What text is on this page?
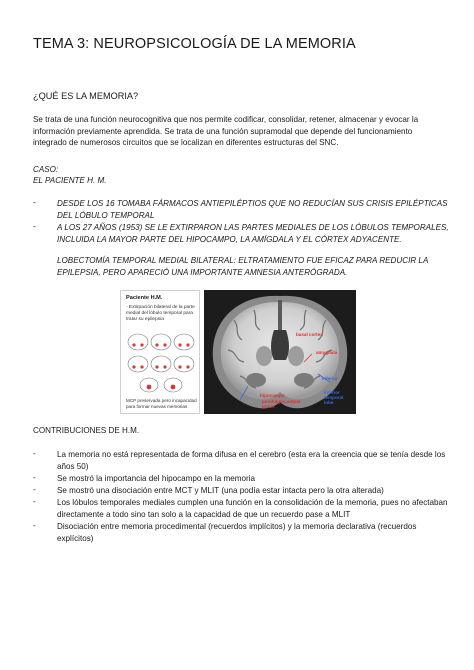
TEMA 3: NEUROPSICOLOGÍA DE LA MEMORIA
¿QUÉ ES LA MEMORIA?
Se trata de una función neurocognitiva que nos permite codificar, consolidar, retener, almacenar y evocar la información previamente aprendida. Se trata de una función supramodal que depende del funcionamiento integrado de numerosos circuitos que se localizan en diferentes estructuras del SNC.
CASO:
EL PACIENTE H. M.
-	DESDE LOS 16 TOMABA FÁRMACOS ANTIEPILÉPTIOS QUE NO REDUCÍAN SUS CRISIS EPILÉPTICAS DEL LÓBULO TEMPORAL
-	A LOS 27 AÑOS (1953) SE LE EXTIRPARON LAS PARTES MEDIALES DE LOS LÓBULOS TEMPORALES, INCLUIDA LA MAYOR PARTE DEL HIPOCAMPO, LA AMÍGDALA Y EL CÓRTEX ADYACENTE.
LOBECTOMÍA TEMPORAL MEDIAL BILATERAL: ELTRATAMIENTO FUE EFICAZ PARA REDUCIR LA EPILEPSIA, PERO APARECIÓ UNA IMPORTANTE AMNESIA ANTERÓGRADA.
Paciente H.M.
- Extirpación bilateral de la parte medial del lóbulo temporal para tratar su epilepsia
MCP preservada pero incapacidad para formar nuevas memorias
basal cortex
amygdala
hipocampo
parahippocampal gyrus
inferior
inferior temporal lobe
CONTRIBUCIONES DE H.M.
-	La memoria no está representada de forma difusa en el cerebro (esta era la creencia que se tenía desde los años 50)
-	Se mostró la importancia del hipocampo en la memoria
-	Se mostró una disociación entre MCT y MLIT (una podía estar intacta pero la otra alterada)
-	Los lóbulos temporales mediales cumplen una función en la consolidación de la memoria, pues no afectaban directamente a todo sino tan solo a la capacidad de que un recuerdo pase a MLIT
-	Disociación entre memoria procedimental (recuerdos implícitos) y la memoria declarativa (recuerdos explícitos)
